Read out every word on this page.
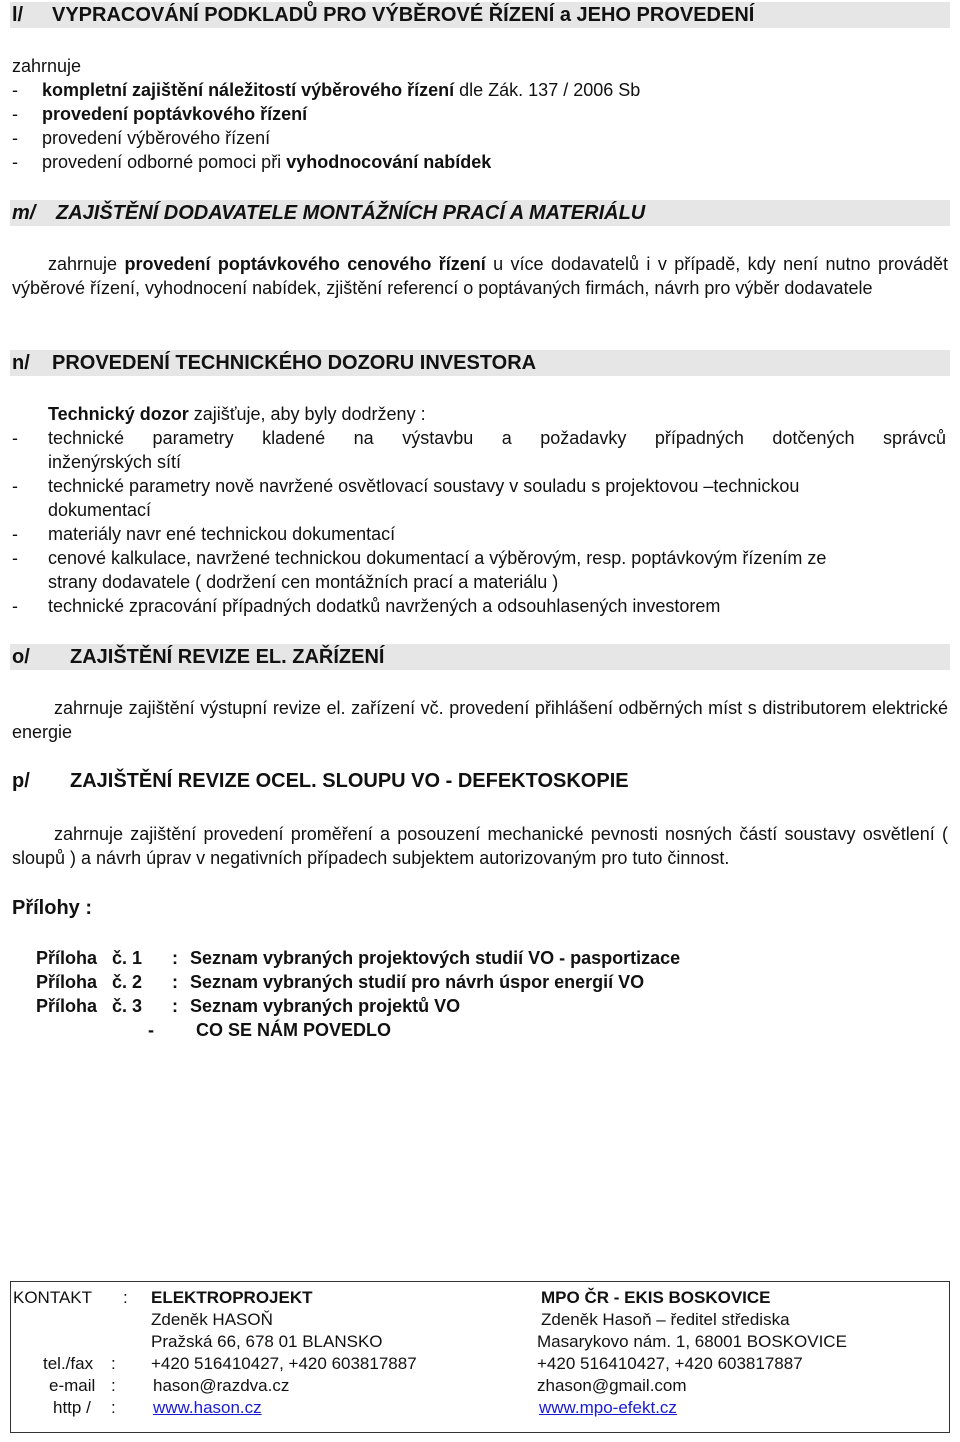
l/ VYPRACOVÁNÍ PODKLADŮ PRO VÝBĚROVÉ ŘÍZENÍ a JEHO PROVEDENÍ
zahrnuje
- kompletní zajištění náležitostí výběrového řízení dle Zák. 137 / 2006 Sb
- provedení poptávkového řízení
- provedení výběrového řízení
- provedení odborné pomoci při vyhodnocování nabídek
m/ ZAJIŠTĚNÍ DODAVATELE MONTÁŽNÍCH PRACÍ A MATERIÁLU
zahrnuje provedení poptávkového cenového řízení u více dodavatelů i v případě, kdy není nutno provádět výběrové řízení, vyhodnocení nabídek, zjištění referencí o poptávaných firmách, návrh pro výběr dodavatele
n/ PROVEDENÍ TECHNICKÉHO DOZORU INVESTORA
Technický dozor zajišťuje, aby byly dodrženy :
- technické parametry kladené na výstavbu a požadavky případných dotčených správců
inženýrských sítí
- technické parametry nově navržené osvětlovací soustavy v souladu s projektovou –technickou
dokumentací
- materiály navr ené technickou dokumentací
- cenové kalkulace, navržené technickou dokumentací a výběrovým, resp. poptávkovým řízením ze
strany dodavatele ( dodržení cen montážních prací a materiálu )
- technické zpracování případných dodatků navržených a odsouhlasených investorem
o/ ZAJIŠTĚNÍ REVIZE EL. ZAŘÍZENÍ
zahrnuje zajištění výstupní revize el. zařízení vč. provedení přihlášení odběrných míst s distributorem elektrické energie
p/ ZAJIŠTĚNÍ REVIZE OCEL. SLOUPU VO - DEFEKTOSKOPIE
zahrnuje zajištění provedení proměření a posouzení mechanické pevnosti nosných částí soustavy osvětlení ( sloupů ) a návrh úprav v negativních případech subjektem autorizovaným pro tuto činnost.
Přílohy :
Příloha   č. 1 : Seznam vybraných projektových studií VO - pasportizace
Příloha   č. 2 : Seznam vybraných studií pro návrh úspor energií VO
Příloha   č. 3 : Seznam vybraných projektů VO
- CO SE NÁM POVEDLO
KONTAKT : ELEKTROPROJEKT
Zdeněk HASOŇ
Pražská 66, 678 01 BLANSKO
+420 516410427, +420 603817887
hason@razdva.cz
www.hason.cz
MPO ČR - EKIS BOSKOVICE
Zdeněk Hasoň – ředitel střediska
Masarykovo nám. 1, 68001 BOSKOVICE
+420 516410427, +420 603817887
zhason@gmail.com
www.mpo-efekt.cz
tel./fax :
e-mail :
http / :
